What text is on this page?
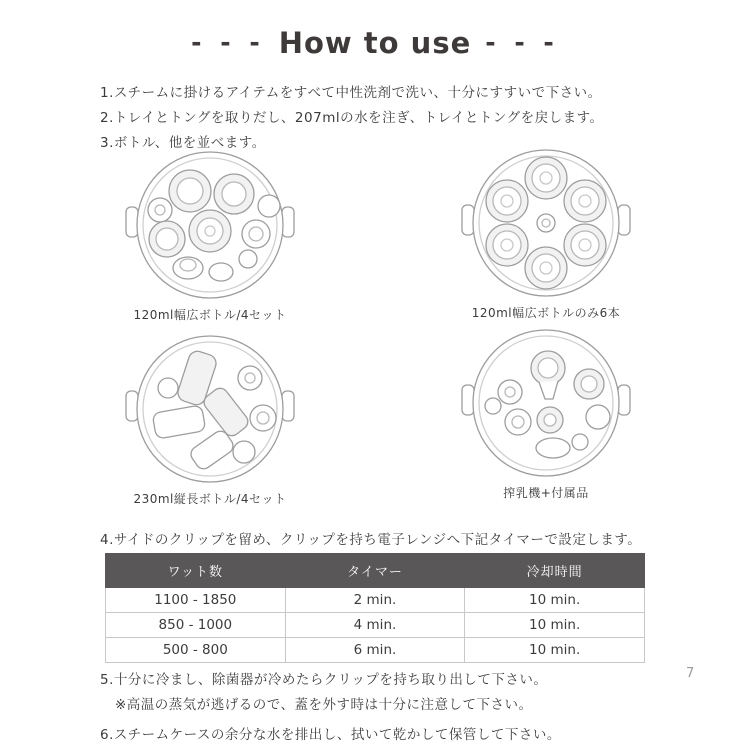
- - - How to use - - -
1.スチームに掛けるアイテムをすべて中性洗剤で洗い、十分にすすいで下さい。
2.トレイとトングを取りだし、207mlの水を注ぎ、トレイとトングを戻します。
3.ボトル、他を並べます。
120ml幅広ボトル/4セット	120ml幅広ボトルのみ6本
230ml縦長ボトル/4セット	搾乳機+付属品
4.サイドのクリップを留め、クリップを持ち電子レンジへ下記タイマーで設定します。
ワット数	タイマー	冷却時間
1100 - 1850	2 min.	10 min.
850 - 1000	4 min.	10 min.
500 - 800	6 min.	10 min.
5.十分に冷まし、除菌器が冷めたらクリップを持ち取り出して下さい。
※高温の蒸気が逃げるので、蓋を外す時は十分に注意して下さい。
6.スチームケースの余分な水を排出し、拭いて乾かして保管して下さい。
7
